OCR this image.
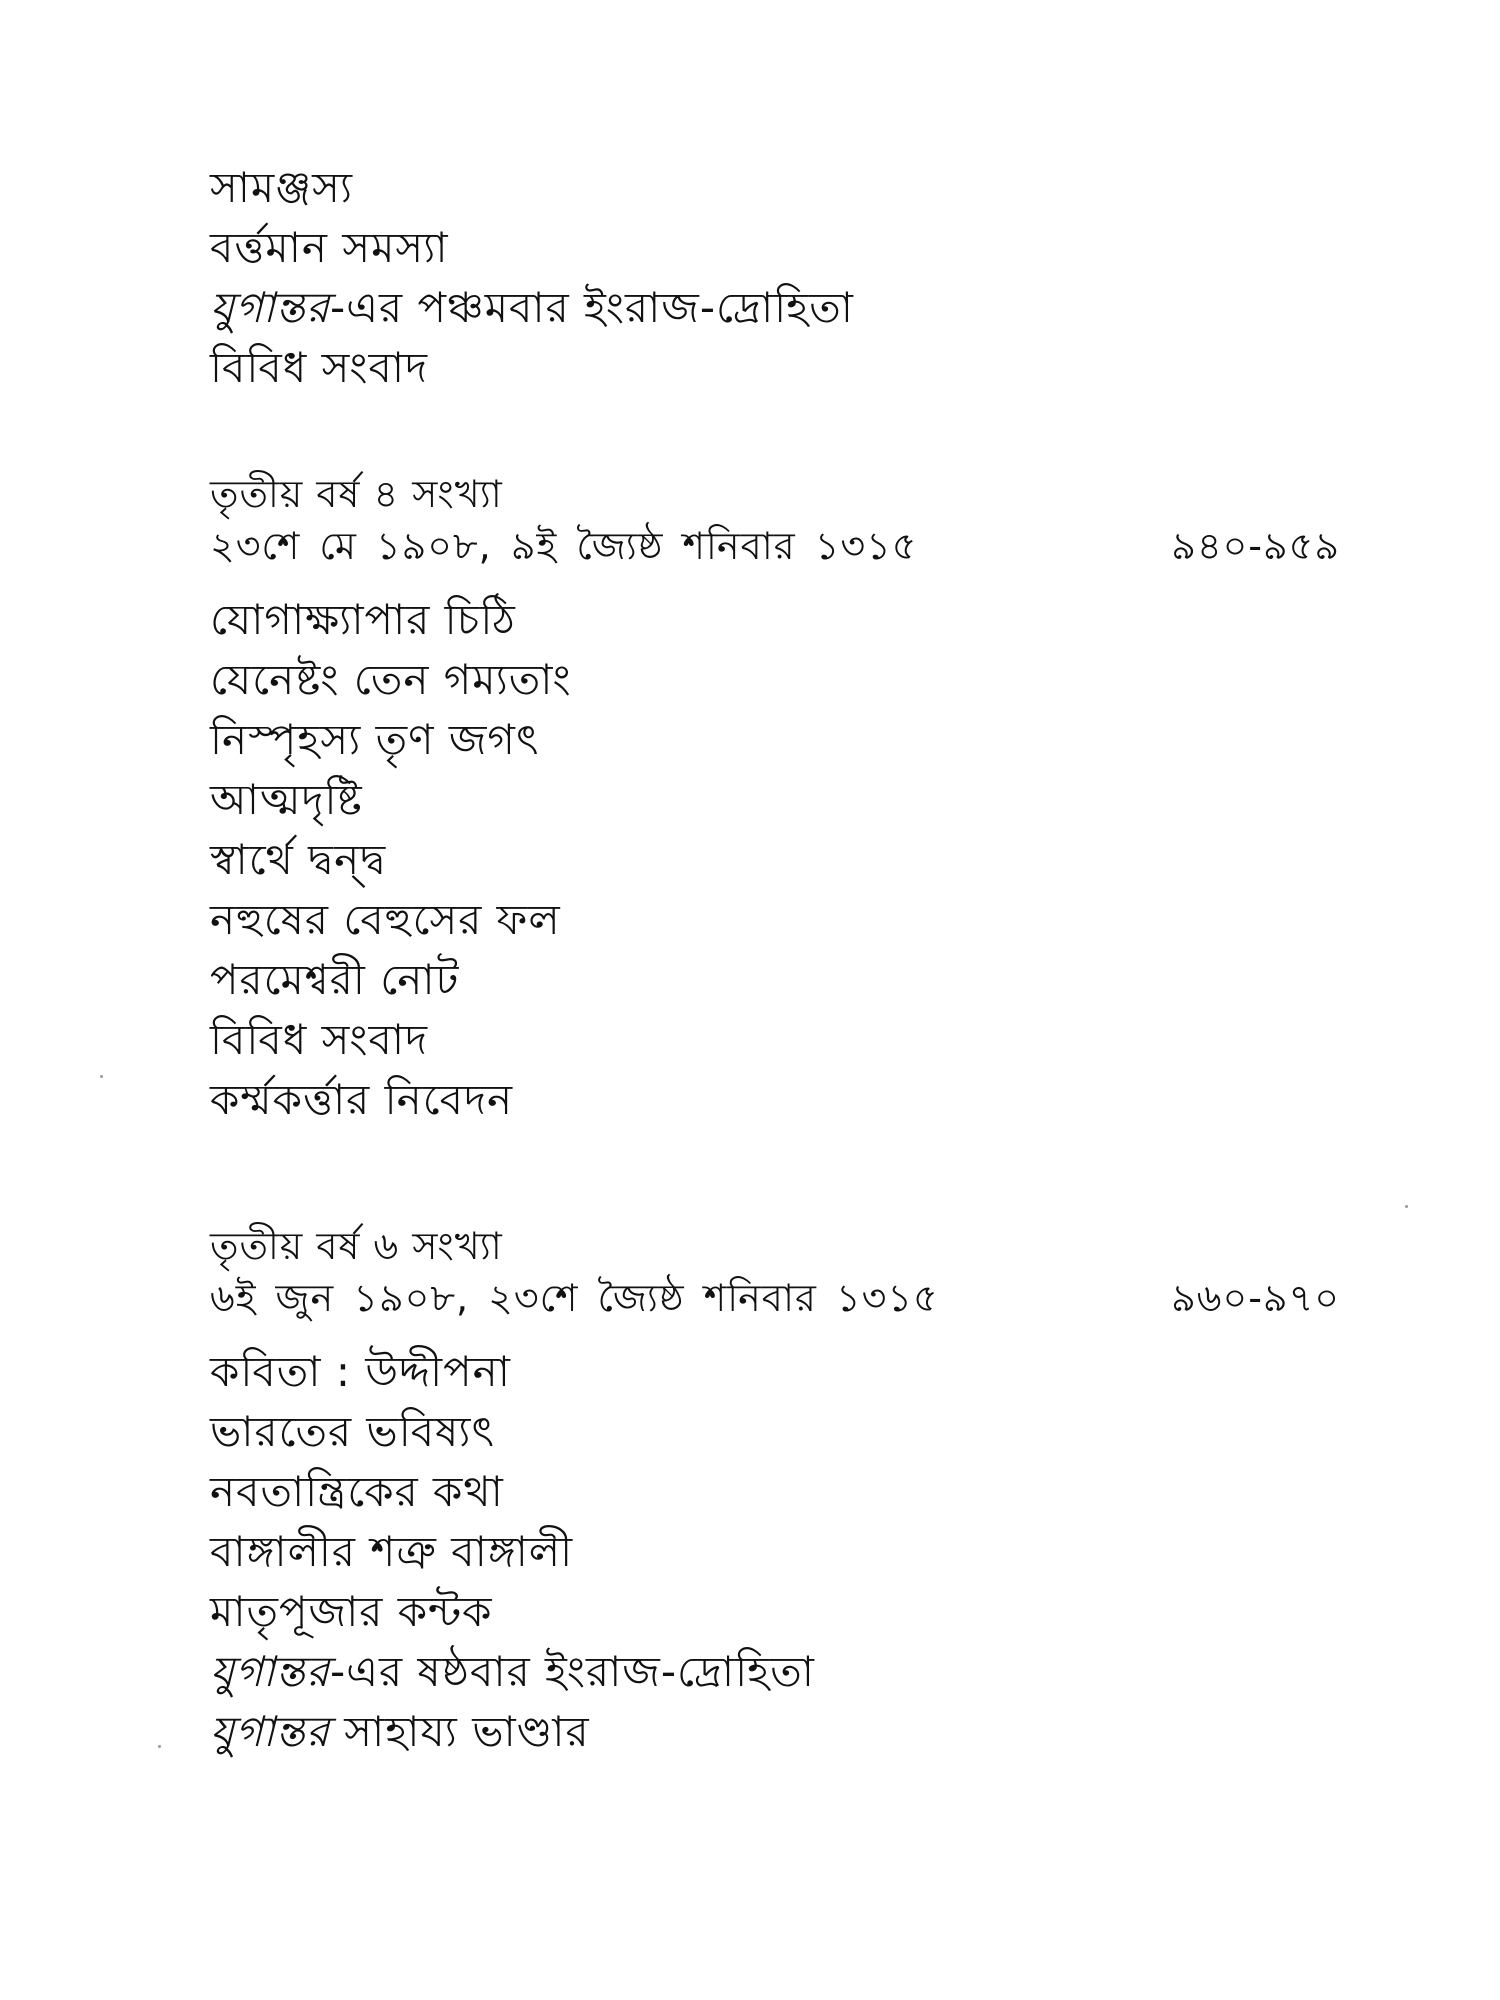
সামঞ্জস্য
বৰ্ত্তমান সমস্যা
যুগান্তর-এর পঞ্চমবার ইংরাজ-দ্রোহিতা
বিবিধ সংবাদ
তৃতীয় বর্ষ ৪ সংখ্যা
২৩শে মে ১৯০৮, ৯ই জ্যৈষ্ঠ শনিবার ১৩১৫	৯৪০-৯৫৯
যোগাক্ষ্যাপার চিঠি
যেনেষ্টং তেন গম্যতাং
নিস্পৃহস্য তৃণ জগৎ
আত্মদৃষ্টি
স্বার্থে দ্বন্দ্ব
নহুষের বেহুসের ফল
পরমেশ্বরী নোট
বিবিধ সংবাদ
কৰ্ম্মকৰ্ত্তার নিবেদন
তৃতীয় বর্ষ ৬ সংখ্যা
৬ই জুন ১৯০৮, ২৩শে জ্যৈষ্ঠ শনিবার ১৩১৫	৯৬০-৯৭০
কবিতা : উদ্দীপনা
ভারতের ভবিষ্যৎ
নবতান্ত্রিকের কথা
বাঙ্গালীর শত্রু বাঙ্গালী
মাতৃপূজার কন্টক
যুগান্তর-এর ষষ্ঠবার ইংরাজ-দ্রোহিতা
যুগান্তর সাহায্য ভাণ্ডার
